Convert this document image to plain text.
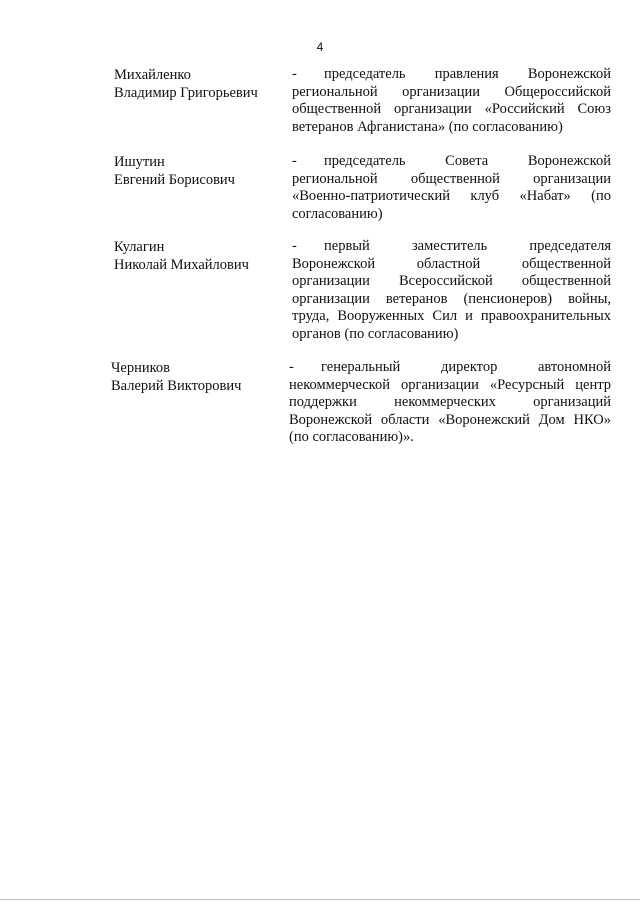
4
Михайленко
Владимир Григорьевич
- председатель правления Воронежской региональной организации Общероссийской общественной организации «Российский Союз ветеранов Афганистана» (по согласованию)
Ишутин
Евгений Борисович
- председатель Совета Воронежской региональной общественной организации «Военно-патриотический клуб «Набат» (по согласованию)
Кулагин
Николай Михайлович
- первый заместитель председателя Воронежской областной общественной организации Всероссийской общественной организации ветеранов (пенсионеров) войны, труда, Вооруженных Сил и правоохранительных органов (по согласованию)
Черников
Валерий Викторович
- генеральный директор автономной некоммерческой организации «Ресурсный центр поддержки некоммерческих организаций Воронежской области «Воронежский Дом НКО» (по согласованию)».
